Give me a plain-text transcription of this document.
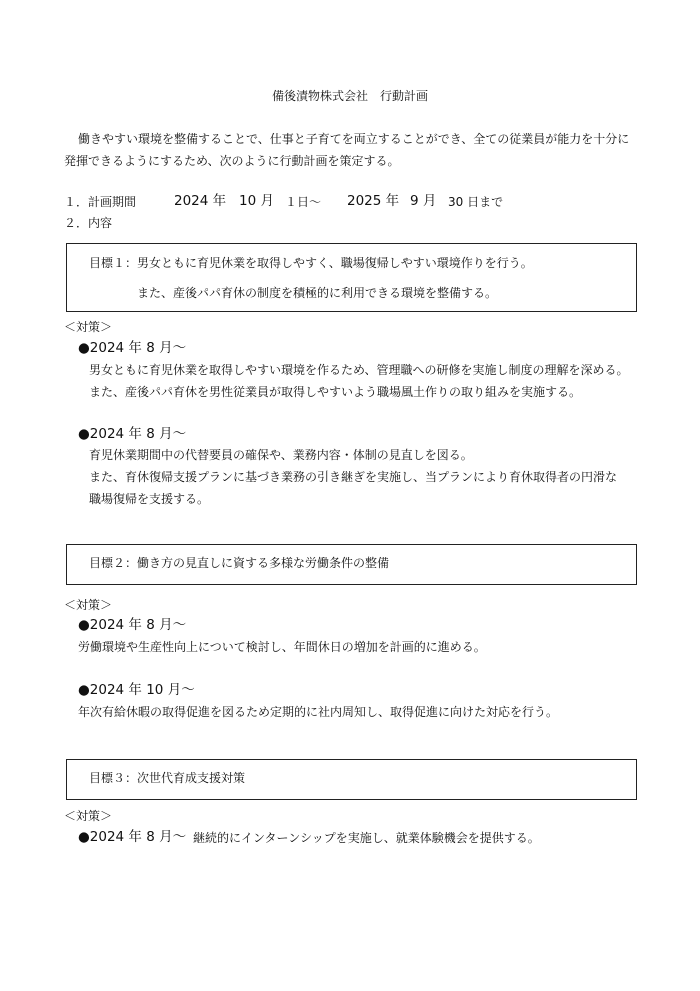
備後漬物株式会社　行動計画
働きやすい環境を整備することで、仕事と子育てを両立することができ、全ての従業員が能力を十分に
発揮できるようにするため、次のように行動計画を策定する。
１．計画期間	2024 年 10 月 １日～ 2025 年 9 月 30 日まで
２．内容
目標１：男女ともに育児休業を取得しやすく、職場復帰しやすい環境作りを行う。
また、産後パパ育休の制度を積極的に利用できる環境を整備する。
＜対策＞
●2024 年 8 月～
男女ともに育児休業を取得しやすい環境を作るため、管理職への研修を実施し制度の理解を深める。
また、産後パパ育休を男性従業員が取得しやすいよう職場風土作りの取り組みを実施する。
●2024 年 8 月～
育児休業期間中の代替要員の確保や、業務内容・体制の見直しを図る。
また、育休復帰支援プランに基づき業務の引き継ぎを実施し、当プランにより育休取得者の円滑な
職場復帰を支援する。
目標２：働き方の見直しに資する多様な労働条件の整備
＜対策＞
●2024 年 8 月～
労働環境や生産性向上について検討し、年間休日の増加を計画的に進める。
●2024 年 10 月～
年次有給休暇の取得促進を図るため定期的に社内周知し、取得促進に向けた対応を行う。
目標３：次世代育成支援対策
＜対策＞
●2024 年 8 月～ 継続的にインターンシップを実施し、就業体験機会を提供する。
